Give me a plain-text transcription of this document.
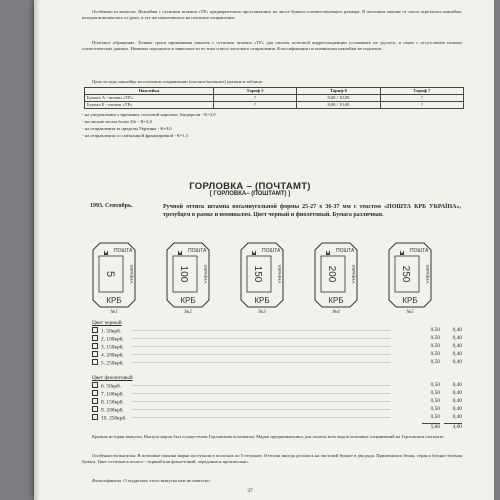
Особенности выпуска. Наклейки с оттиском штампа «ТР» предварительно проставлялись на листе бумаги соответствующего размера. В почтовом окошке от листа отрезалась наклейка, которая вписывалась от руки, и тут же наклеивалась на почтовое отправление.

Почтовое обращение. Точные сроки применения наклеек с оттиском штампа «ТР» для оплаты почтовой корреспонденции установить не удалось, в связи с отсутствием полных статистических данных. Номинал порожался в зависимости от типа и веса почтового отправления. Классификации по номиналам наклейки не подлежат.

Цена за одну наклейку на почтовом отправлении (частное/казенное) указана в таблице:

Наклейка	Тариф 5	Тариф 6	Тариф 7
Бумага А - штамп «ТР»	?	8,00 / 10,00	?
Бумага Б - штамп «ТР»	?	8,00 / 10,00	?
- на уведомлении о вручении, почтовой карточке, бандероли - К=3,0
- на письме весом более 20г - К=2,0
- на отправлении за пределы Украины - К=3,0
- на отправлении со смешанной франкировкой - К=1,5
ГОРЛОВКА – (ПОЧТАМТ)
[ ГОРЛОВКА– (ПОШТАМТ) ]
1993. Сентябрь.	Ручной оттиск штампа восьмиугольной формы 25-27 х 36-37 мм с текстом «ПОШТА КРБ УКРАЇНА», трезубцем в рамке и номиналом. Цвет черный и фиолетовый. Бумага различная.
ПОШТА
5	УКРАЇНА
КРБ
№1
ПОШТА
100	УКРАЇНА
КРБ
№2
ПОШТА
150	УКРАЇНА
КРБ
№3
ПОШТА
200	УКРАЇНА
КРБ
№4
ПОШТА
250	УКРАЇНА
КРБ
№5
Цвет черный
1. 50крб. ................................................................................................................................................................................................	0,50	0,40
2. 100крб. ................................................................................................................................................................................................	0,50	0,40
3. 150крб. ................................................................................................................................................................................................	0,50	0,40
4. 200крб. ................................................................................................................................................................................................	0,50	0,40
5. 250крб. ................................................................................................................................................................................................	0,50	0,40
Цвет фиолетовый
6. 50крб. ................................................................................................................................................................................................	0,50	0,40
7. 100крб. ................................................................................................................................................................................................	0,50	0,40
8. 150крб. ................................................................................................................................................................................................	0,50	0,40
9. 200крб. ................................................................................................................................................................................................	0,50	0,40
10. 250крб. ................................................................................................................................................................................................	0,50	0,40
5,00	4,00

Краткая история выпуска. Выпуск марок был осуществлен Горловским почтамтом. Марки предназначались для оплаты всех видов почтовых отправлений на Горловском почтамте.

Особенности выпуска. В почтовые окошки марки поступали в полосках по 5 оттисков. Оттиски иногда делались на листовой бумаге в два ряда. Применялась белая, серая и бледно-зеленая бумага. Цвет оттисков в полосе - черный или фиолетовый, чередовался произвольно.

Фальсификаты. О подделках этого выпуска нам не известно.

37
